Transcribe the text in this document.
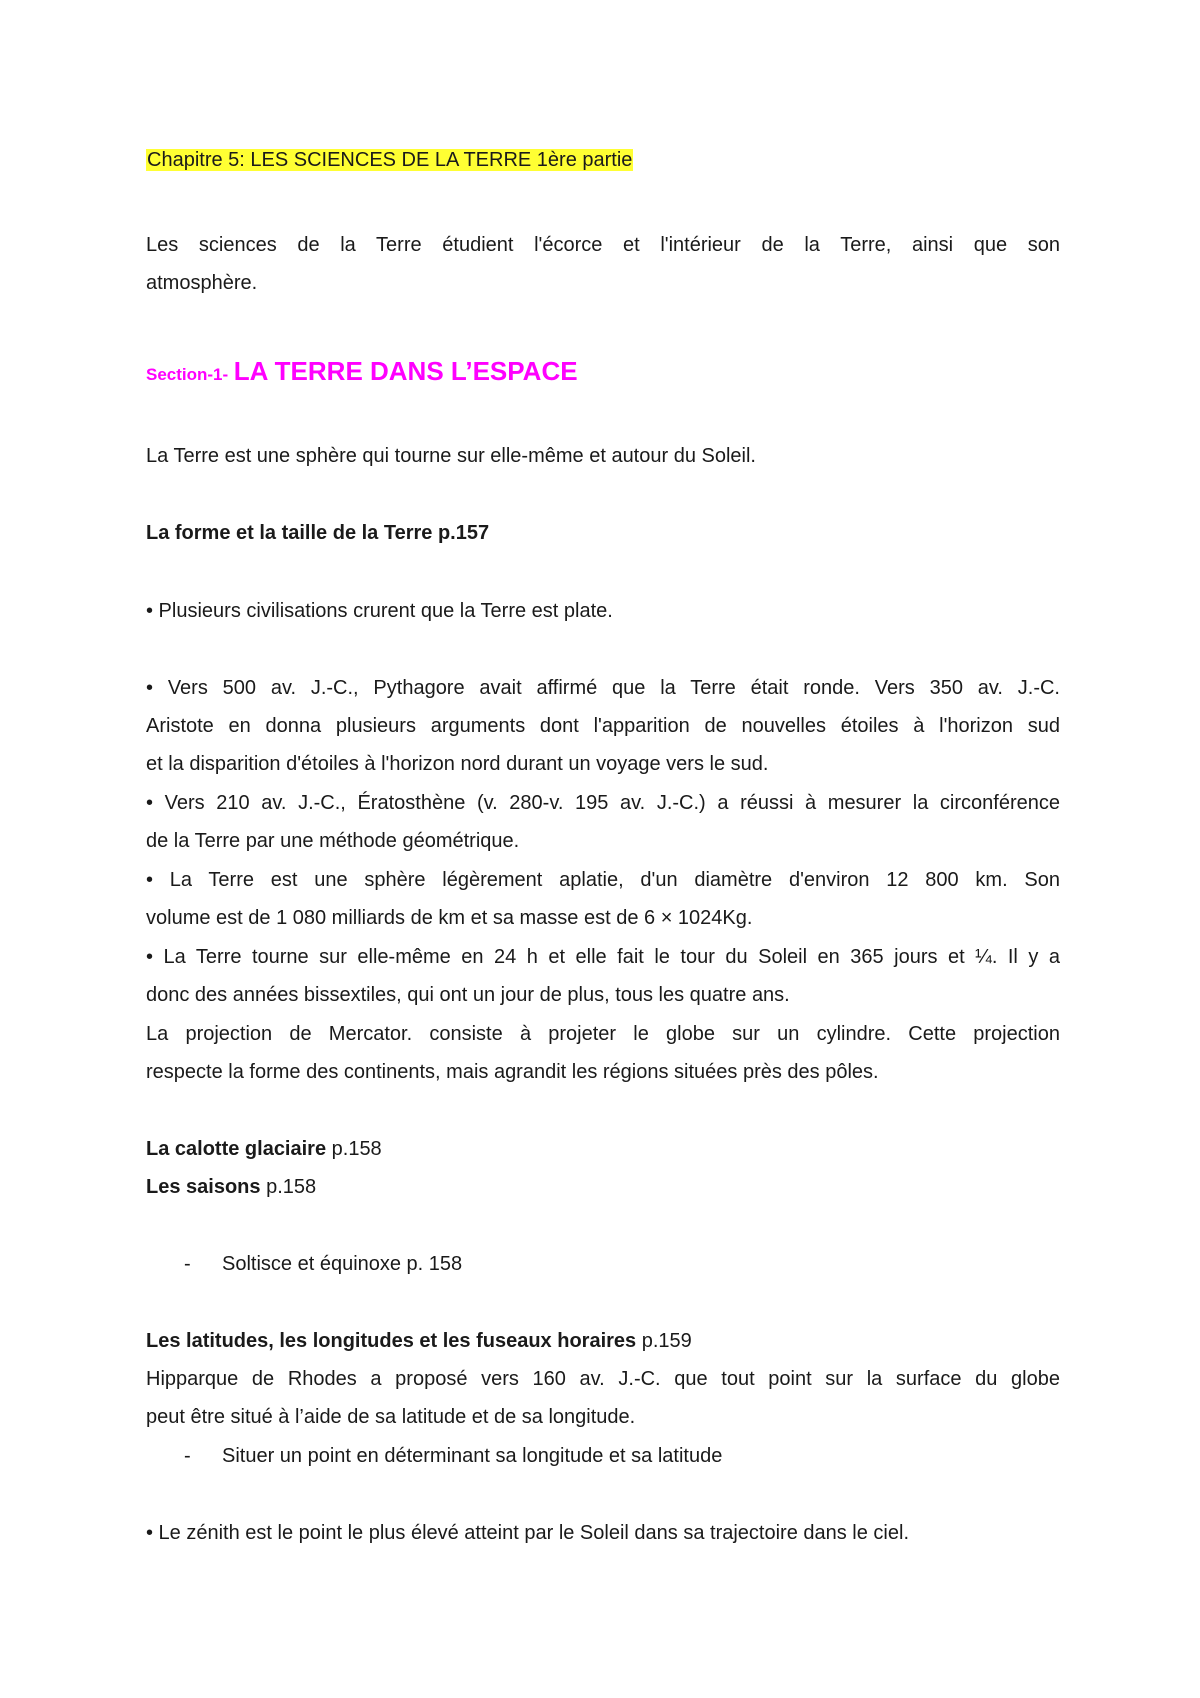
Chapitre 5: LES SCIENCES DE LA TERRE 1ère partie
Les sciences de la Terre étudient l'écorce et l'intérieur de la Terre, ainsi que son
atmosphère.
Section-1- LA TERRE DANS L’ESPACE
La Terre est une sphère qui tourne sur elle-même et autour du Soleil.
La forme et la taille de la Terre p.157
• Plusieurs civilisations crurent que la Terre est plate.
• Vers 500 av. J.-C., Pythagore avait affirmé que la Terre était ronde. Vers 350 av. J.-C.
Aristote en donna plusieurs arguments dont l'apparition de nouvelles étoiles à l'horizon sud
et la disparition d'étoiles à l'horizon nord durant un voyage vers le sud.
• Vers 210 av. J.-C., Ératosthène (v. 280-v. 195 av. J.-C.) a réussi à mesurer la circonférence
de la Terre par une méthode géométrique.
• La Terre est une sphère légèrement aplatie, d'un diamètre d'environ 12 800 km. Son
volume est de 1 080 milliards de km et sa masse est de 6 × 1024Kg.
• La Terre tourne sur elle-même en 24 h et elle fait le tour du Soleil en 365 jours et ¼. Il y a
donc des années bissextiles, qui ont un jour de plus, tous les quatre ans.
La projection de Mercator. consiste à projeter le globe sur un cylindre. Cette projection
respecte la forme des continents, mais agrandit les régions situées près des pôles.
La calotte glaciaire p.158
Les saisons p.158
- Soltisce et équinoxe p. 158
Les latitudes, les longitudes et les fuseaux horaires p.159
Hipparque de Rhodes a proposé vers 160 av. J.-C. que tout point sur la surface du globe
peut être situé à l’aide de sa latitude et de sa longitude.
- Situer un point en déterminant sa longitude et sa latitude
• Le zénith est le point le plus élevé atteint par le Soleil dans sa trajectoire dans le ciel.
